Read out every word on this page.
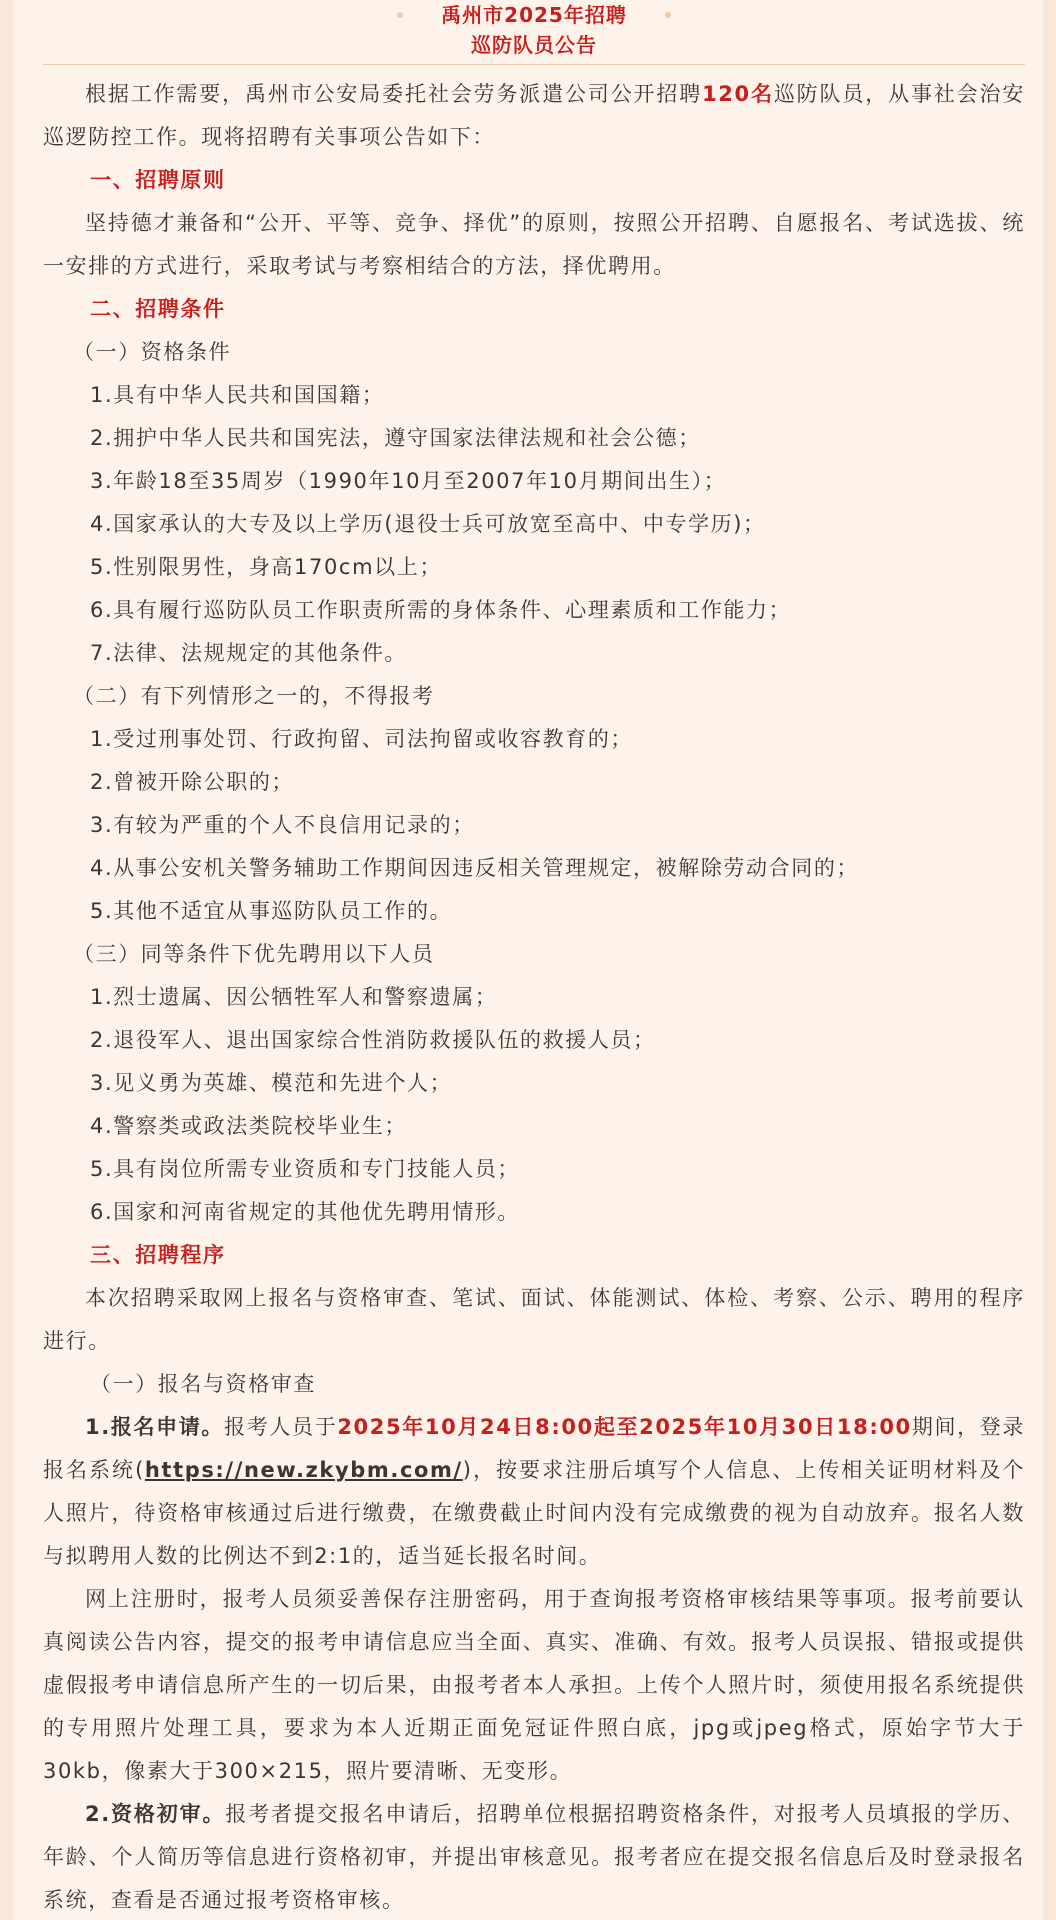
禹州市2025年招聘
巡防队员公告

根据工作需要，禹州市公安局委托社会劳务派遣公司公开招聘120名巡防队员，从事社会治安巡逻防控工作。现将招聘有关事项公告如下：

一、招聘原则

坚持德才兼备和“公开、平等、竞争、择优”的原则，按照公开招聘、自愿报名、考试选拔、统一安排的方式进行，采取考试与考察相结合的方法，择优聘用。

二、招聘条件

（一）资格条件

1.具有中华人民共和国国籍；

2.拥护中华人民共和国宪法，遵守国家法律法规和社会公德；

3.年龄18至35周岁（1990年10月至2007年10月期间出生）；

4.国家承认的大专及以上学历(退役士兵可放宽至高中、中专学历)；

5.性别限男性，身高170cm以上；

6.具有履行巡防队员工作职责所需的身体条件、心理素质和工作能力；

7.法律、法规规定的其他条件。

（二）有下列情形之一的，不得报考

1.受过刑事处罚、行政拘留、司法拘留或收容教育的；

2.曾被开除公职的；

3.有较为严重的个人不良信用记录的；

4.从事公安机关警务辅助工作期间因违反相关管理规定，被解除劳动合同的；

5.其他不适宜从事巡防队员工作的。

（三）同等条件下优先聘用以下人员

1.烈士遗属、因公牺牲军人和警察遗属；

2.退役军人、退出国家综合性消防救援队伍的救援人员；

3.见义勇为英雄、模范和先进个人；

4.警察类或政法类院校毕业生；

5.具有岗位所需专业资质和专门技能人员；

6.国家和河南省规定的其他优先聘用情形。

三、招聘程序

本次招聘采取网上报名与资格审查、笔试、面试、体能测试、体检、考察、公示、聘用的程序进行。

（一）报名与资格审查

1.报名申请。报考人员于2025年10月24日8:00起至2025年10月30日18:00期间，登录报名系统(https://new.zkybm.com/)，按要求注册后填写个人信息、上传相关证明材料及个人照片，待资格审核通过后进行缴费，在缴费截止时间内没有完成缴费的视为自动放弃。报名人数与拟聘用人数的比例达不到2:1的，适当延长报名时间。

网上注册时，报考人员须妥善保存注册密码，用于查询报考资格审核结果等事项。报考前要认真阅读公告内容，提交的报考申请信息应当全面、真实、准确、有效。报考人员误报、错报或提供虚假报考申请信息所产生的一切后果，由报考者本人承担。上传个人照片时，须使用报名系统提供的专用照片处理工具，要求为本人近期正面免冠证件照白底，jpg或jpeg格式，原始字节大于30kb，像素大于300×215，照片要清晰、无变形。

2.资格初审。报考者提交报名申请后，招聘单位根据招聘资格条件，对报考人员填报的学历、年龄、个人简历等信息进行资格初审，并提出审核意见。报考者应在提交报名信息后及时登录报名系统，查看是否通过报考资格审核。
